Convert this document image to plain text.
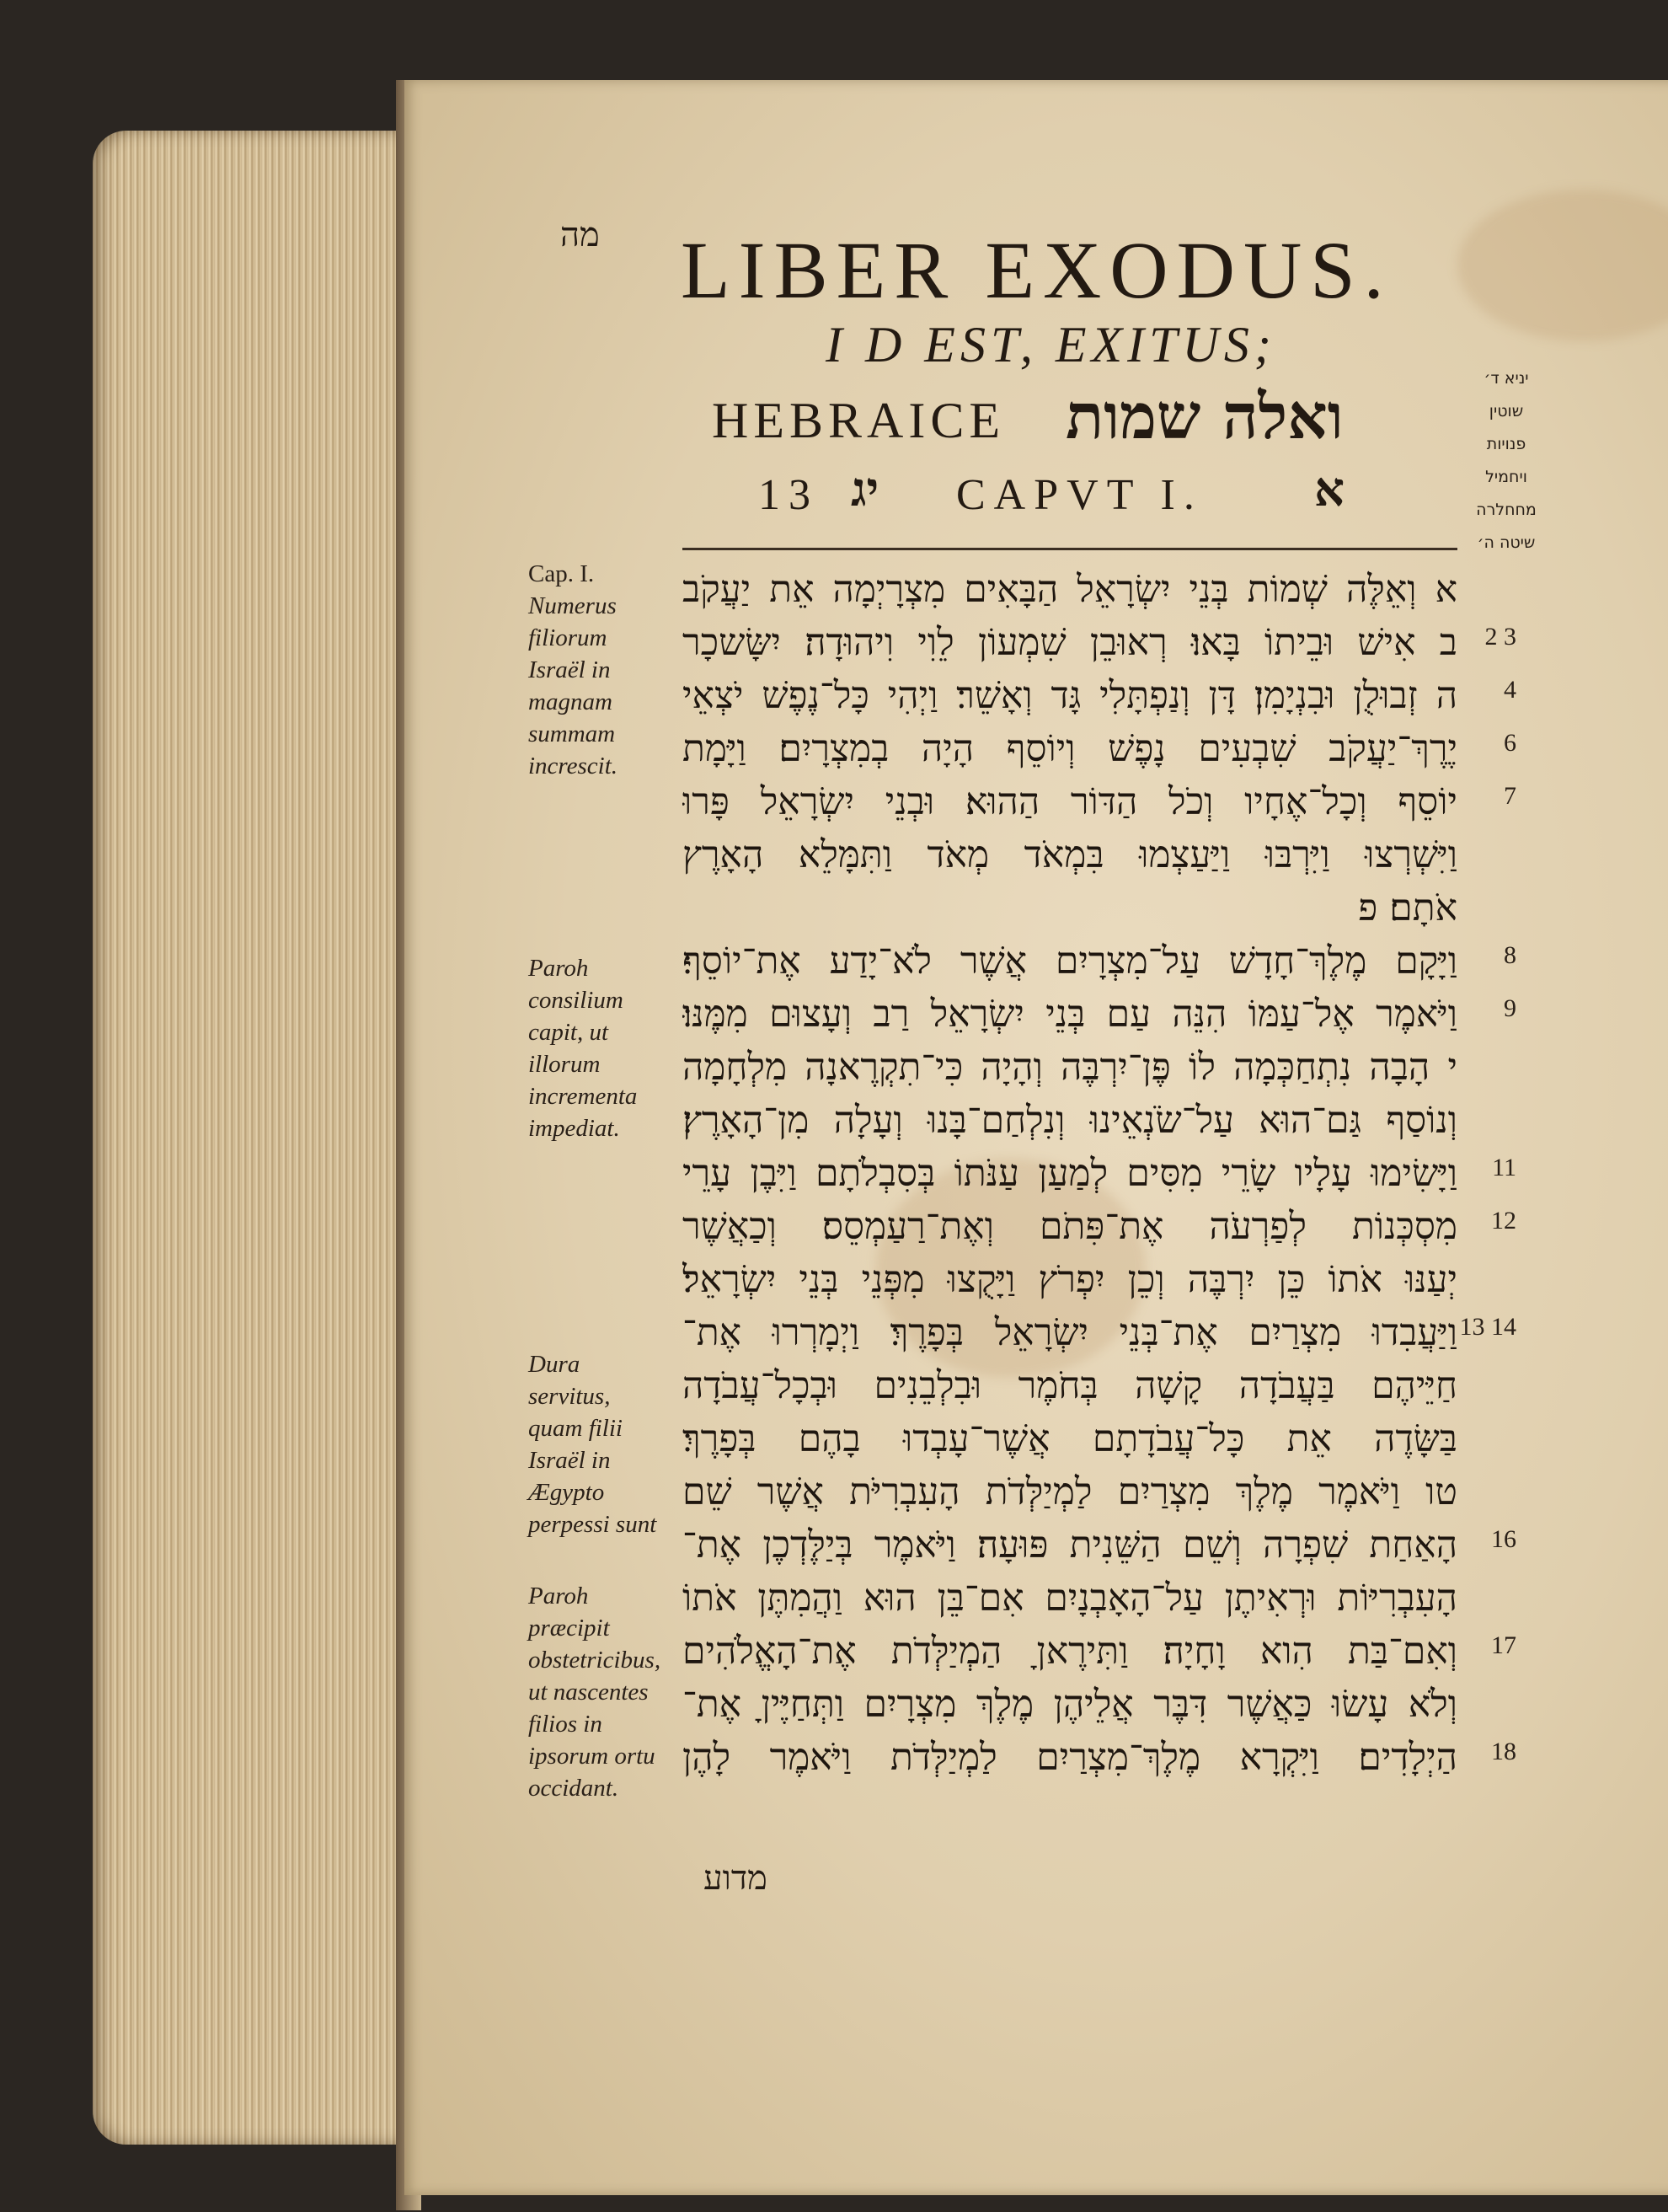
מה LIBER EXODUS.
I D EST, EXITUS;
HEBRAICE ואלה שמות
13 יג CAPVT I. א
יניא ד׳
שוטין
פנויות
ויחמיל
מחחלרה
שיטה ה׳
Cap. I.
Numerus filiorum Israël in magnam summam increscit.
Paroh consilium capit, ut illorum incrementa impediat.
Dura servitus, quam filii Israël in Ægypto perpessi sunt
Paroh præcipit obstetricibus, ut nascentes filios in ipsorum ortu occidant.
א וְאֵלֶּה שְׁמוֹת בְּנֵי יִשְׂרָאֵל הַבָּאִים מִצְרָיְמָה אֵת יַעֲקֹב
ב אִישׁ וּבֵיתוֹ בָּאוּ׃ רְאוּבֵן שִׁמְעוֹן לֵוִי וִיהוּדָה׃ יִשָּׂשכָר 2 3
ה זְבוּלֻן וּבִנְיָמִן׃ דָּן וְנַפְתָּלִי גָּד וְאָשֵׁר׃ וַיְהִי כָּל־נֶפֶשׁ יֹצְאֵי 4
יֶרֶךְ־יַעֲקֹב שִׁבְעִים נָפֶשׁ וְיוֹסֵף הָיָה בְמִצְרָיִם׃ וַיָּמָת 6
יוֹסֵף וְכָל־אֶחָיו וְכֹל הַדּוֹר הַהוּא׃ וּבְנֵי יִשְׂרָאֵל פָּרוּ 7
וַיִּשְׁרְצוּ וַיִּרְבּוּ וַיַּעַצְמוּ בִּמְאֹד מְאֹד וַתִּמָּלֵא הָאָרֶץ
אֹתָם׃ פ
וַיָּקָם מֶלֶךְ־חָדָשׁ עַל־מִצְרָיִם אֲשֶׁר לֹא־יָדַע אֶת־יוֹסֵף׃ 8
וַיֹּאמֶר אֶל־עַמּוֹ הִנֵּה עַם בְּנֵי יִשְׂרָאֵל רַב וְעָצוּם מִמֶּנּוּ׃ 9
י הָבָה נִתְחַכְּמָה לוֹ פֶּן־יִרְבֶּה וְהָיָה כִּי־תִקְרֶאנָה מִלְחָמָה
וְנוֹסַף גַּם־הוּא עַל־שֹׂנְאֵינוּ וְנִלְחַם־בָּנוּ וְעָלָה מִן־הָאָרֶץ׃
וַיָּשִׂימוּ עָלָיו שָׂרֵי מִסִּים לְמַעַן עַנֹּתוֹ בְּסִבְלֹתָם וַיִּבֶן עָרֵי 11
מִסְכְּנוֹת לְפַרְעֹה אֶת־פִּתֹם וְאֶת־רַעַמְסֵס׃ וְכַאֲשֶׁר 12
יְעַנּוּ אֹתוֹ כֵּן יִרְבֶּה וְכֵן יִפְרֹץ וַיָּקֻצוּ מִפְּנֵי בְּנֵי יִשְׂרָאֵל׃
וַיַּעֲבִדוּ מִצְרַיִם אֶת־בְּנֵי יִשְׂרָאֵל בְּפָרֶךְ׃ וַיְמָרְרוּ אֶת־ 13 14
חַיֵּיהֶם בַּעֲבֹדָה קָשָׁה בְּחֹמֶר וּבִלְבֵנִים וּבְכָל־עֲבֹדָה
בַּשָּׂדֶה אֵת כָּל־עֲבֹדָתָם אֲשֶׁר־עָבְדוּ בָהֶם בְּפָרֶךְ׃
טו וַיֹּאמֶר מֶלֶךְ מִצְרַיִם לַמְיַלְּדֹת הָעִבְרִיֹּת אֲשֶׁר שֵׁם
הָאַחַת שִׁפְרָה וְשֵׁם הַשֵּׁנִית פּוּעָה׃ וַיֹּאמֶר בְּיַלֶּדְכֶן אֶת־ 16
הָעִבְרִיּוֹת וּרְאִיתֶן עַל־הָאָבְנָיִם אִם־בֵּן הוּא וַהֲמִתֶּן אֹתוֹ
וְאִם־בַּת הִוא וָחָיָה׃ וַתִּירֶאןָ הַמְיַלְּדֹת אֶת־הָאֱלֹהִים 17
וְלֹא עָשׂוּ כַּאֲשֶׁר דִּבֶּר אֲלֵיהֶן מֶלֶךְ מִצְרָיִם וַתְּחַיֶּיןָ אֶת־
הַיְלָדִים׃ וַיִּקְרָא מֶלֶךְ־מִצְרַיִם לַמְיַלְּדֹת וַיֹּאמֶר לָהֶן 18
מדוע
